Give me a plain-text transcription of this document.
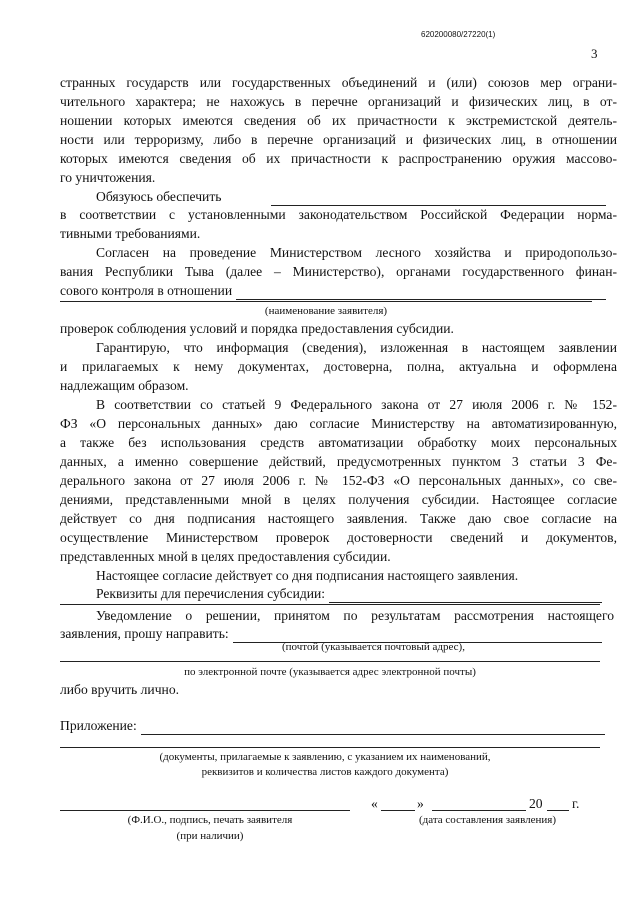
620200080/27220(1)
3
странных государств или государственных объединений и (или) союзов мер ограни-
чительного характера; не нахожусь в перечне организаций и физических лиц, в от-
ношении которых имеются сведения об их причастности к экстремистской деятель-
ности или терроризму, либо в перечне организаций и физических лиц, в отношении
которых имеются сведения об их причастности к распространению оружия массово-
го уничтожения.
Обязуюсь обеспечить
в соответствии с установленными законодательством Российской Федерации норма-
тивными требованиями.
Согласен на проведение Министерством лесного хозяйства и природопользо-
вания Республики Тыва (далее – Министерство), органами государственного финан-
сового контроля в отношении
(наименование заявителя)
проверок соблюдения условий и порядка предоставления субсидии.
Гарантирую, что информация (сведения), изложенная в настоящем заявлении
и прилагаемых к нему документах, достоверна, полна, актуальна и оформлена
надлежащим образом.
В соответствии со статьей 9 Федерального закона от 27 июля 2006 г. № 152-
ФЗ «О персональных данных» даю согласие Министерству на автоматизированную,
а также без использования средств автоматизации обработку моих персональных
данных, а именно совершение действий, предусмотренных пунктом 3 статьи 3 Фе-
дерального закона от 27 июля 2006 г. № 152-ФЗ «О персональных данных», со све-
дениями, представленными мной в целях получения субсидии. Настоящее согласие
действует со дня подписания настоящего заявления. Также даю свое согласие на
осуществление Министерством проверок достоверности сведений и документов,
представленных мной в целях предоставления субсидии.
Настоящее согласие действует со дня подписания настоящего заявления.
Реквизиты для перечисления субсидии:
Уведомление о решении, принятом по результатам рассмотрения настоящего
заявления, прошу направить:
(почтой (указывается почтовый адрес),
по электронной почте (указывается адрес электронной почты)
либо вручить лично.
Приложение:
(документы, прилагаемые к заявлению, с указанием их наименований,
реквизитов и количества листов каждого документа)
«	»	20 г.
(Ф.И.О., подпись, печать заявителя
(при наличии)
(дата составления заявления)
